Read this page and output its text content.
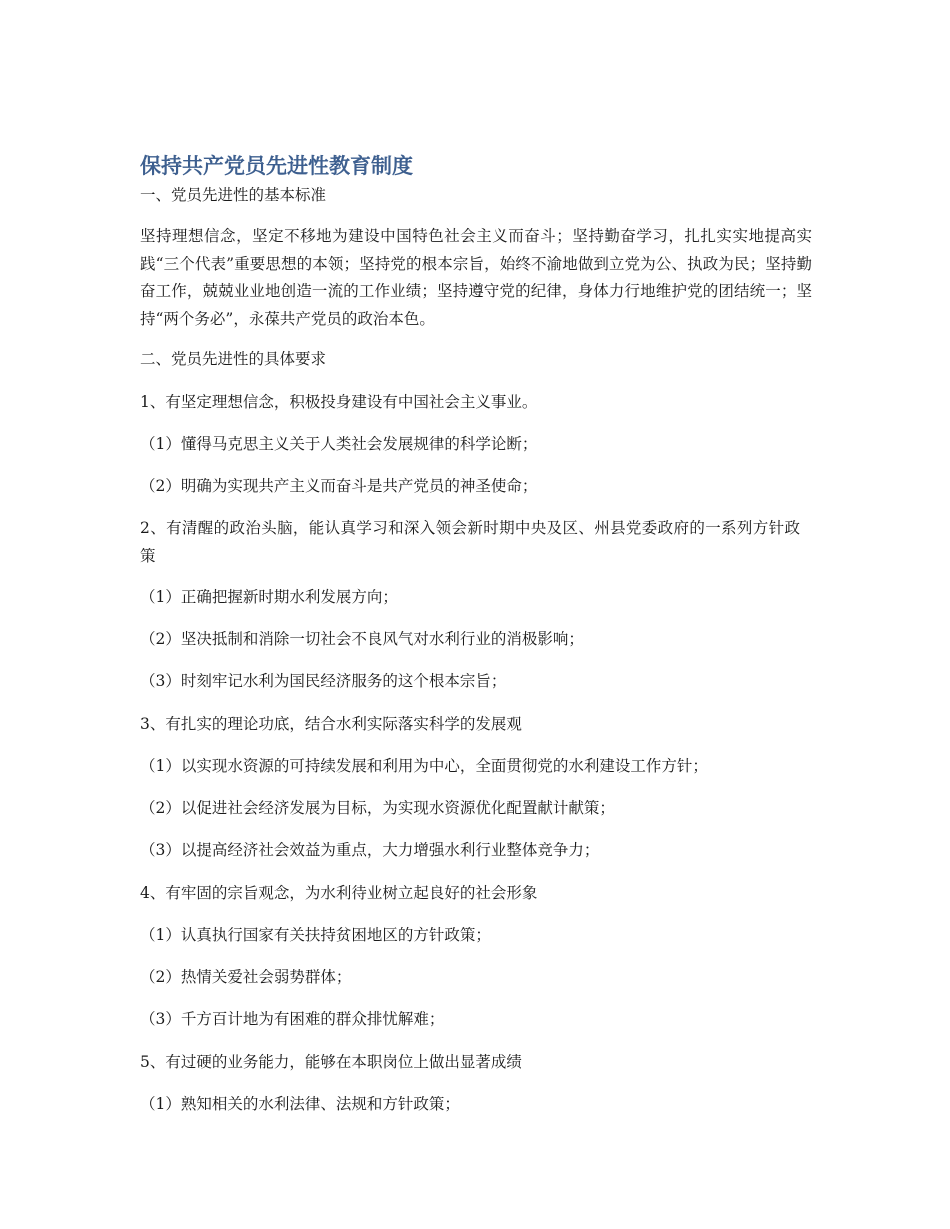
保持共产党员先进性教育制度
一、党员先进性的基本标准
坚持理想信念，坚定不移地为建设中国特色社会主义而奋斗；坚持勤奋学习，扎扎实实地提高实践“三个代表”重要思想的本领；坚持党的根本宗旨，始终不渝地做到立党为公、执政为民；坚持勤奋工作，兢兢业业地创造一流的工作业绩；坚持遵守党的纪律，身体力行地维护党的团结统一；坚持“两个务必”，永葆共产党员的政治本色。
二、党员先进性的具体要求
1、有坚定理想信念，积极投身建设有中国社会主义事业。
（1）懂得马克思主义关于人类社会发展规律的科学论断；
（2）明确为实现共产主义而奋斗是共产党员的神圣使命；
2、有清醒的政治头脑，能认真学习和深入领会新时期中央及区、州县党委政府的一系列方针政策
（1）正确把握新时期水利发展方向；
（2）坚决抵制和消除一切社会不良风气对水利行业的消极影响；
（3）时刻牢记水利为国民经济服务的这个根本宗旨；
3、有扎实的理论功底，结合水利实际落实科学的发展观
（1）以实现水资源的可持续发展和利用为中心，全面贯彻党的水利建设工作方针；
（2）以促进社会经济发展为目标，为实现水资源优化配置献计献策；
（3）以提高经济社会效益为重点，大力增强水利行业整体竞争力；
4、有牢固的宗旨观念，为水利待业树立起良好的社会形象
（1）认真执行国家有关扶持贫困地区的方针政策；
（2）热情关爱社会弱势群体；
（3）千方百计地为有困难的群众排忧解难；
5、有过硬的业务能力，能够在本职岗位上做出显著成绩
（1）熟知相关的水利法律、法规和方针政策；
